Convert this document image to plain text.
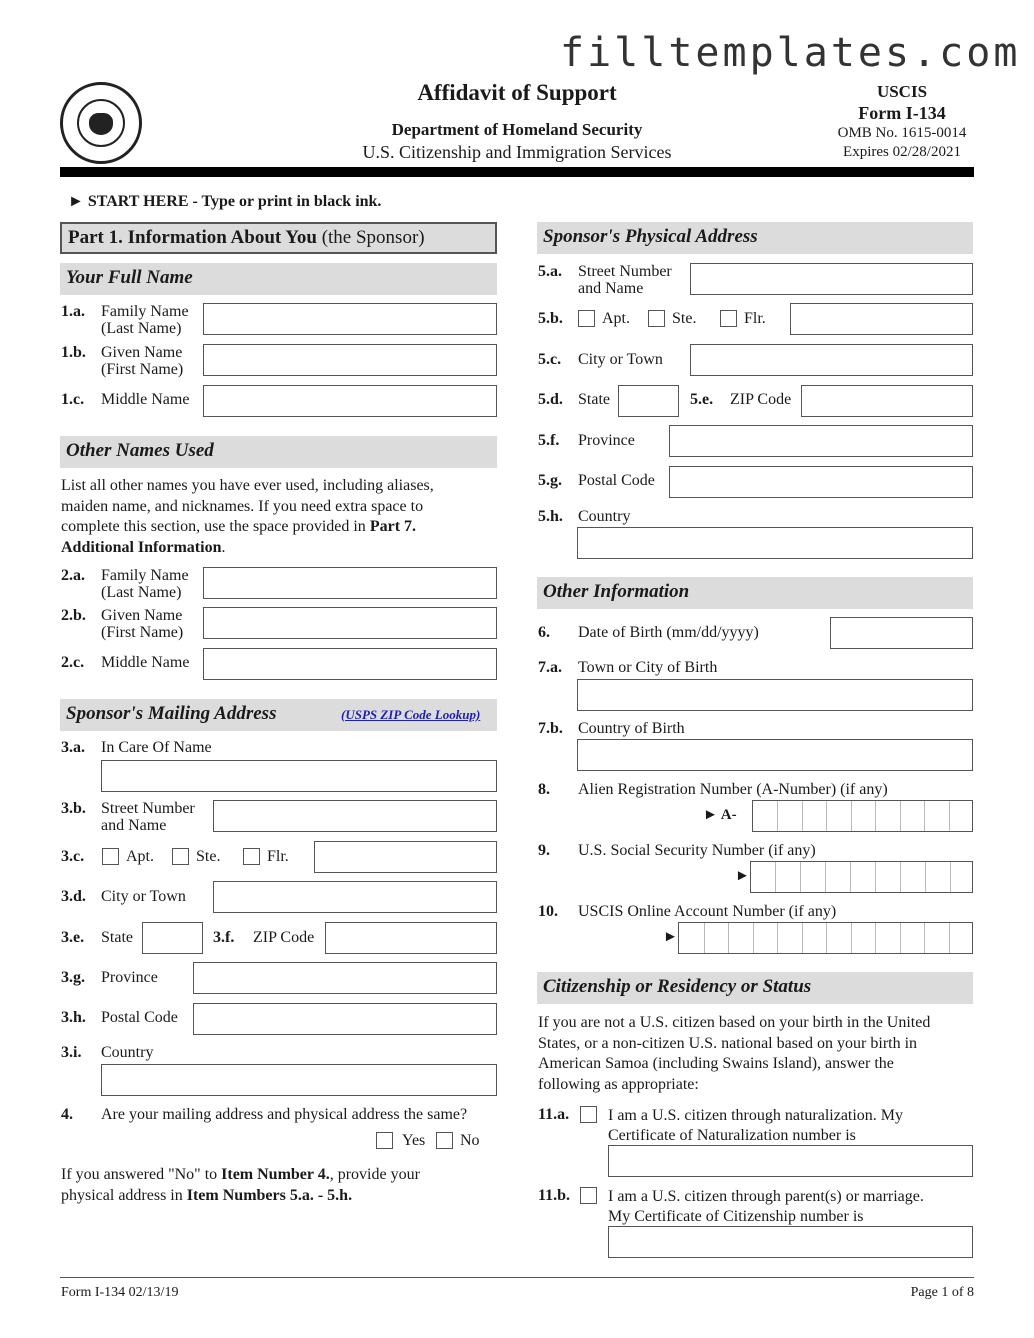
filltemplates.com
Affidavit of Support
Department of Homeland Security
U.S. Citizenship and Immigration Services
USCIS
Form I-134
OMB No. 1615-0014
Expires 02/28/2021
► START HERE - Type or print in black ink.
Part 1. Information About You (the Sponsor)
Your Full Name
1.a. Family Name
(Last Name)
1.b. Given Name
(First Name)
1.c. Middle Name
Other Names Used
List all other names you have ever used, including aliases,
maiden name, and nicknames. If you need extra space to
complete this section, use the space provided in Part 7.
Additional Information.
2.a. Family Name
(Last Name)
2.b. Given Name
(First Name)
2.c. Middle Name
Sponsor's Mailing Address	(USPS ZIP Code Lookup)
3.a. In Care Of Name
3.b. Street Number
and Name
3.c.	Apt.	Ste.	Flr.
3.d. City or Town
3.e. State	3.f. ZIP Code
3.g. Province
3.h. Postal Code
3.i. Country
4. Are your mailing address and physical address the same?
Yes No
If you answered "No" to Item Number 4., provide your
physical address in Item Numbers 5.a. - 5.h.
Sponsor's Physical Address
5.a. Street Number
and Name
5.b. Apt.	Ste.	Flr.
5.c. City or Town
5.d. State	5.e. ZIP Code
5.f. Province
5.g. Postal Code
5.h. Country
Other Information
6. Date of Birth (mm/dd/yyyy)
7.a. Town or City of Birth
7.b. Country of Birth
8. Alien Registration Number (A-Number) (if any)
► A-
9. U.S. Social Security Number (if any)
►
10. USCIS Online Account Number (if any)
►
Citizenship or Residency or Status
If you are not a U.S. citizen based on your birth in the United
States, or a non-citizen U.S. national based on your birth in
American Samoa (including Swains Island), answer the
following as appropriate:
11.a. I am a U.S. citizen through naturalization. My
Certificate of Naturalization number is
11.b. I am a U.S. citizen through parent(s) or marriage.
My Certificate of Citizenship number is
Form I-134 02/13/19	Page 1 of 8
